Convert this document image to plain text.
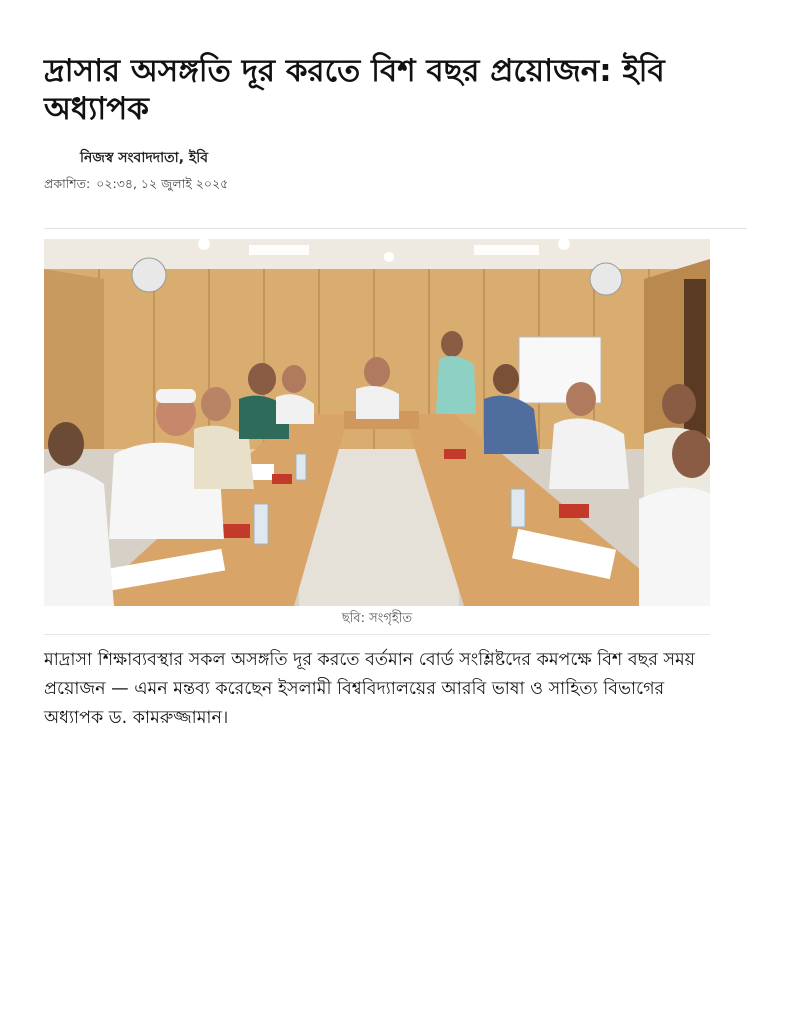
দ্রাসার অসঙ্গতি দূর করতে বিশ বছর প্রয়োজন: ইবি অধ্যাপক
নিজস্ব সংবাদদাতা, ইবি
প্রকাশিত: ০২:৩৪, ১২ জুলাই ২০২৫
ছবি: সংগৃহীত

মাদ্রাসা শিক্ষাব্যবস্থার সকল অসঙ্গতি দূর করতে বর্তমান বোর্ড সংশ্লিষ্টদের কমপক্ষে বিশ বছর সময় প্রয়োজন — এমন মন্তব্য করেছেন ইসলামী বিশ্ববিদ্যালয়ের আরবি ভাষা ও সাহিত্য বিভাগের অধ্যাপক ড. কামরুজ্জামান।
